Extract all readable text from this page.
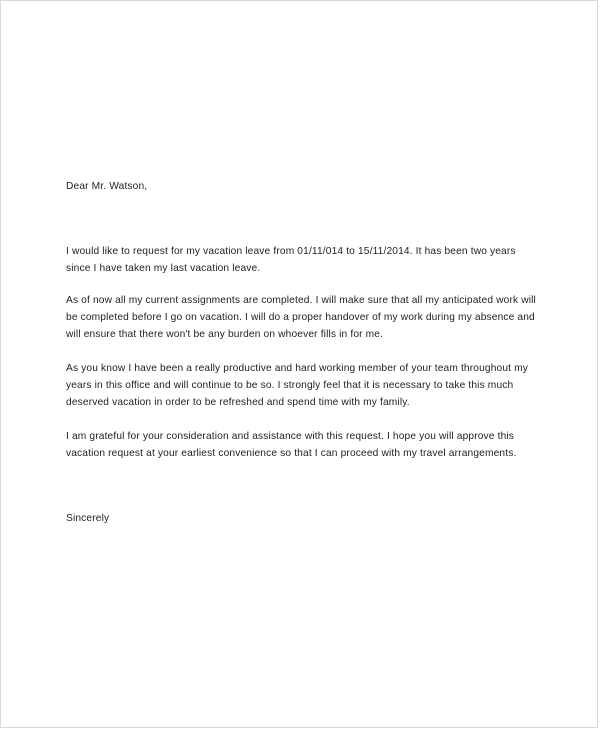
Dear Mr. Watson,
I would like to request for my vacation leave from 01/11/014 to 15/11/2014. It has been two years
since I have taken my last vacation leave.
As of now all my current assignments are completed. I will make sure that all my anticipated work will
be completed before I go on vacation. I will do a proper handover of my work during my absence and
will ensure that there won't be any burden on whoever fills in for me.
As you know I have been a really productive and hard working member of your team throughout my
years in this office and will continue to be so. I strongly feel that it is necessary to take this much
deserved vacation in order to be refreshed and spend time with my family.
I am grateful for your consideration and assistance with this request. I hope you will approve this
vacation request at your earliest convenience so that I can proceed with my travel arrangements.
Sincerely
